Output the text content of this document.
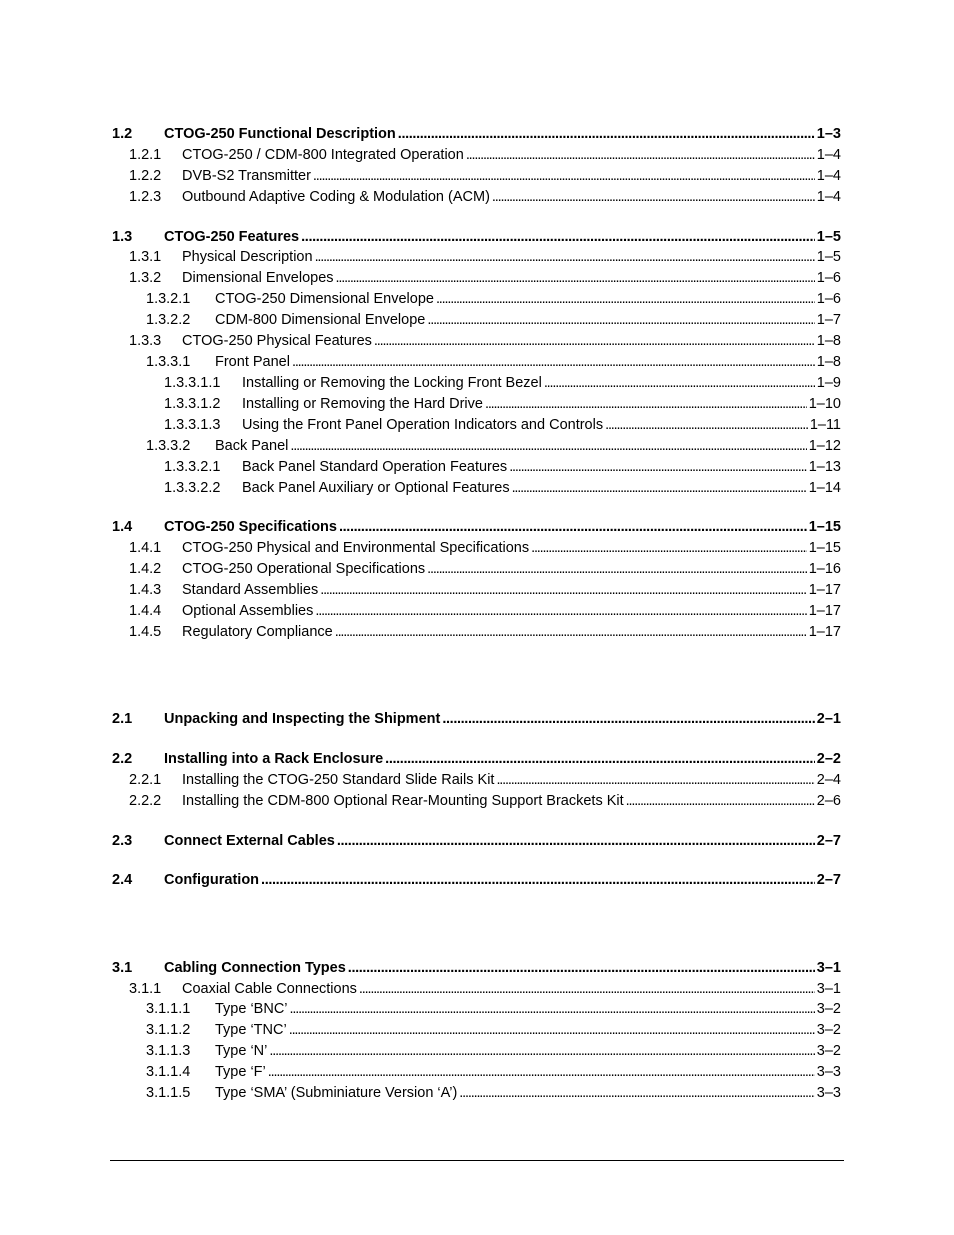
1.2 CTOG-250 Functional Description . . .	1–3
1.2.1 CTOG-250 / CDM-800 Integrated Operation . . .	1–4
1.2.2 DVB-S2 Transmitter . . .	1–4
1.2.3 Outbound Adaptive Coding & Modulation (ACM) . . .	1–4
1.3 CTOG-250 Features . . .	1–5
1.3.1 Physical Description . . .	1–5
1.3.2 Dimensional Envelopes . . .	1–6
1.3.2.1 CTOG-250 Dimensional Envelope . . .	1–6
1.3.2.2 CDM-800 Dimensional Envelope . . .	1–7
1.3.3 CTOG-250 Physical Features . . .	1–8
1.3.3.1 Front Panel . . .	1–8
1.3.3.1.1 Installing or Removing the Locking Front Bezel . . .	1–9
1.3.3.1.2 Installing or Removing the Hard Drive . . .	1–10
1.3.3.1.3 Using the Front Panel Operation Indicators and Controls . . .	1–11
1.3.3.2 Back Panel . . .	1–12
1.3.3.2.1 Back Panel Standard Operation Features . . .	1–13
1.3.3.2.2 Back Panel Auxiliary or Optional Features . . .	1–14
1.4 CTOG-250 Specifications . . .	1–15
1.4.1 CTOG-250 Physical and Environmental Specifications . . .	1–15
1.4.2 CTOG-250 Operational Specifications . . .	1–16
1.4.3 Standard Assemblies . . .	1–17
1.4.4 Optional Assemblies . . .	1–17
1.4.5 Regulatory Compliance . . .	1–17
2.1 Unpacking and Inspecting the Shipment . . .	2–1
2.2 Installing into a Rack Enclosure . . .	2–2
2.2.1 Installing the CTOG-250 Standard Slide Rails Kit . . .	2–4
2.2.2 Installing the CDM-800 Optional Rear-Mounting Support Brackets Kit . . .	2–6
2.3 Connect External Cables . . .	2–7
2.4 Configuration . . .	2–7
3.1 Cabling Connection Types . . .	3–1
3.1.1 Coaxial Cable Connections . . .	3–1
3.1.1.1 Type ‘BNC’ . . .	3–2
3.1.1.2 Type ‘TNC’ . . .	3–2
3.1.1.3 Type ‘N’ . . .	3–2
3.1.1.4 Type ‘F’ . . .	3–3
3.1.1.5 Type ‘SMA’ (Subminiature Version ‘A’) . . .	3–3
